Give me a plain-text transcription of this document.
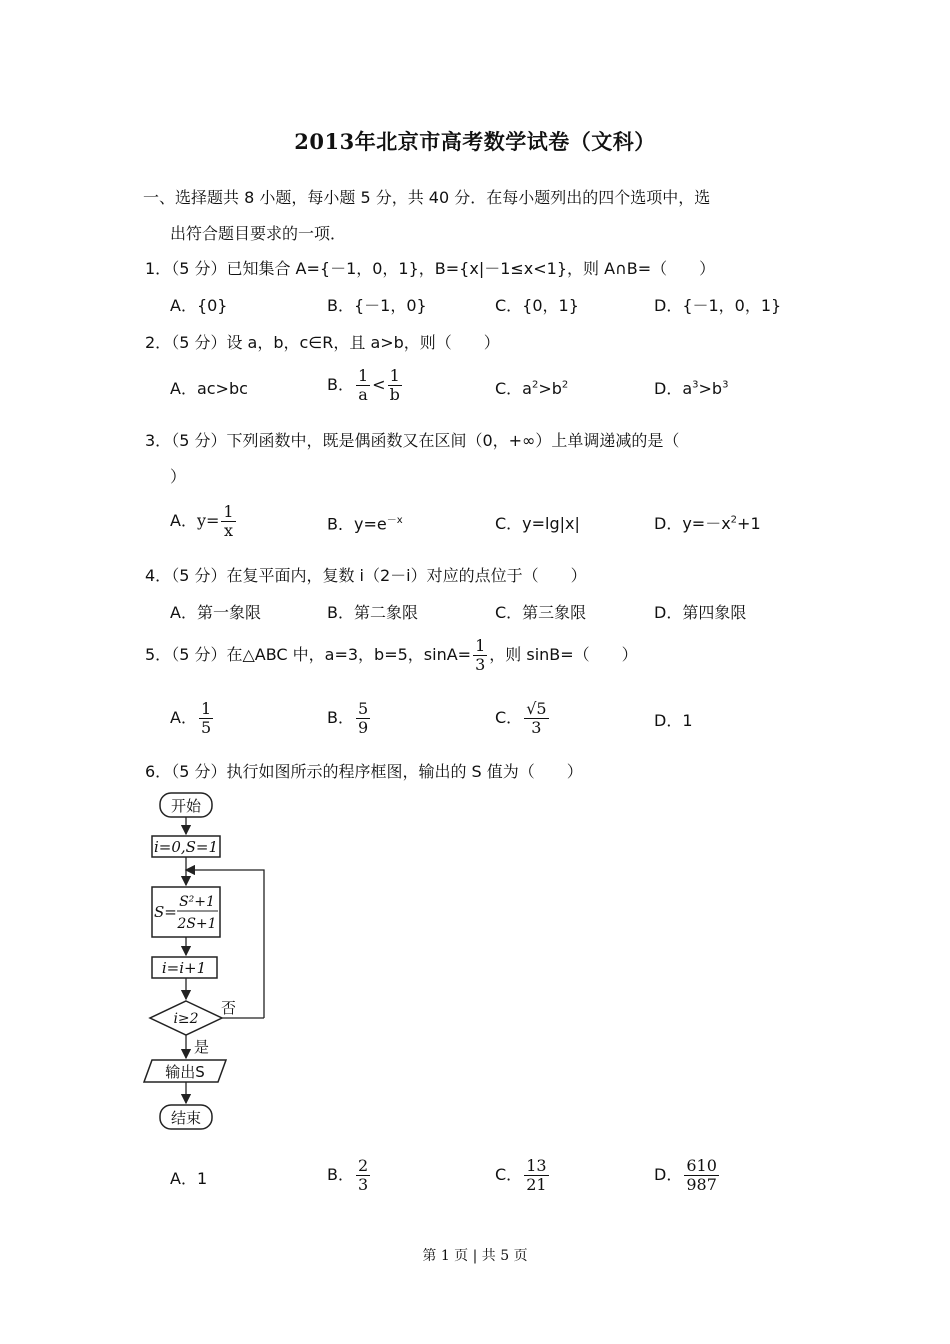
2013年北京市高考数学试卷（文科）
一、选择题共 8 小题，每小题 5 分，共 40 分．在每小题列出的四个选项中，选
出符合题目要求的一项．
1．（5 分）已知集合 A={－1，0，1}，B={x|－1≤x<1}，则 A∩B=（　　）
A．{0}	B．{－1，0}	C．{0，1}	D．{－1，0，1}
2．（5 分）设 a，b，c∈R，且 a>b，则（　　）
A．ac>bc	B． $\frac{1}{a} < \frac{1}{b}$	C．$a^2>b^2$	D．$a^3>b^3$
3．（5 分）下列函数中，既是偶函数又在区间（0，+∞）上单调递减的是（
）
A．$y= \frac{1}{x}$	B．$y=e^{-x}$	C．y=lg|x|	D．$y=-x^2+1$
4．（5 分）在复平面内，复数 i（2－i）对应的点位于（　　）
A．第一象限	B．第二象限	C．第三象限	D．第四象限
5．（5 分）在△ABC 中，a=3，b=5，$\sin A= \frac{1}{3}$ ，则 sinB=（　　）
A． $\frac{1}{5}$	B． $\frac{5}{9}$	C． $\frac{√5}{3}$	D．1
6．（5 分）执行如图所示的程序框图，输出的 S 值为（　　）
开始
i=0,S=1
S=
S²+1
2S+1
i=i+1
i≥2
否
是
输出S
结束
A．1	B． $\frac{2}{3}$	C． $\frac{13}{21}$	D． $\frac{610}{987}$
第 1 页 | 共 5 页
